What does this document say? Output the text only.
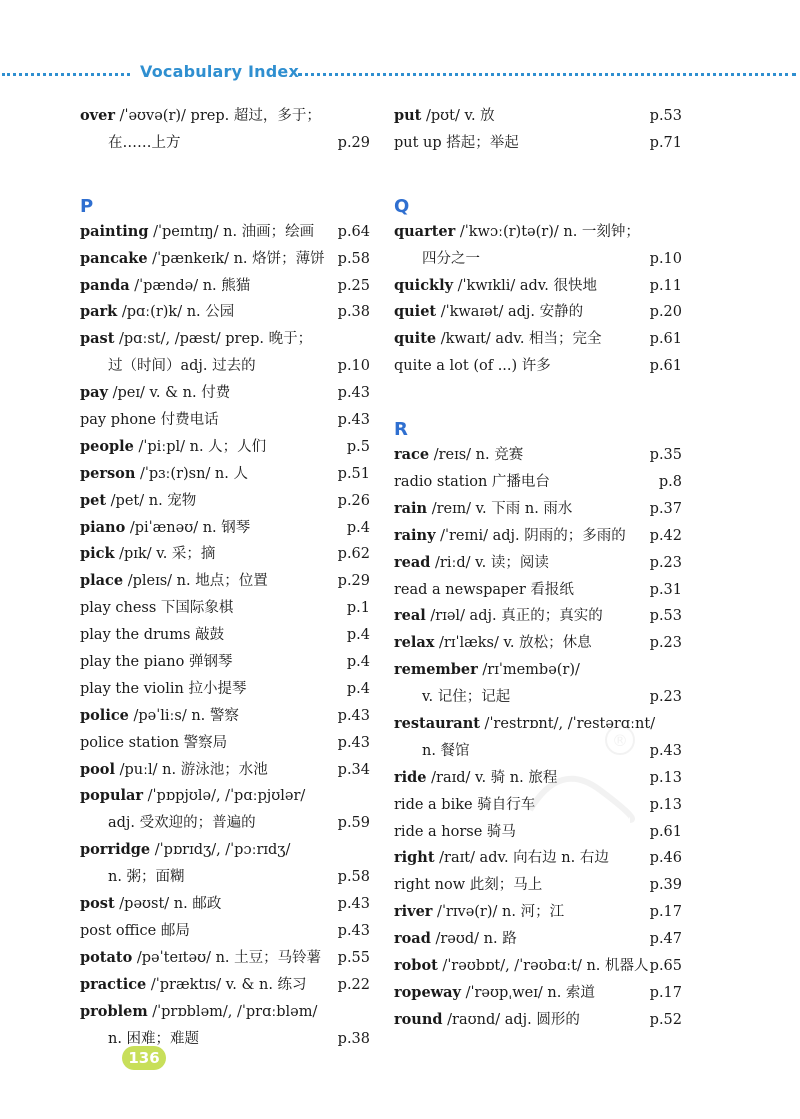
Vocabulary Index
over /ˈəʊvə(r)/ prep. 超过，多于；
在……上方	p.29
P
painting /ˈpeɪntɪŋ/ n. 油画；绘画 p.64
pancake /ˈpænkeɪk/ n. 烙饼；薄饼 p.58
panda /ˈpændə/ n. 熊猫	p.25
park /pɑː(r)k/ n. 公园	p.38
past /pɑːst/, /pæst/ prep. 晚于；
过（时间）adj. 过去的	p.10
pay /peɪ/ v. & n. 付费	p.43
pay phone 付费电话	p.43
people /ˈpiːpl/ n. 人；人们	p.5
person /ˈpɜː(r)sn/ n. 人	p.51
pet /pet/ n. 宠物	p.26
piano /piˈænəʊ/ n. 钢琴	p.4
pick /pɪk/ v. 采；摘	p.62
place /pleɪs/ n. 地点；位置	p.29
play chess 下国际象棋	p.1
play the drums 敲鼓	p.4
play the piano 弹钢琴	p.4
play the violin 拉小提琴	p.4
police /pəˈliːs/ n. 警察	p.43
police station 警察局	p.43
pool /puːl/ n. 游泳池；水池	p.34
popular /ˈpɒpjʊlə/, /ˈpɑːpjʊlər/
adj. 受欢迎的；普遍的	p.59
porridge /ˈpɒrɪdʒ/, /ˈpɔːrɪdʒ/
n. 粥；面糊	p.58
post /pəʊst/ n. 邮政	p.43
post office 邮局	p.43
potato /pəˈteɪtəʊ/ n. 土豆；马铃薯 p.55
practice /ˈpræktɪs/ v. & n. 练习 p.22
problem /ˈprɒbləm/, /ˈprɑːbləm/
n. 困难；难题	p.38
put /pʊt/ v. 放	p.53
put up 搭起；举起	p.71
Q
quarter /ˈkwɔː(r)tə(r)/ n. 一刻钟；
四分之一	p.10
quickly /ˈkwɪkli/ adv. 很快地	p.11
quiet /ˈkwaɪət/ adj. 安静的	p.20
quite /kwaɪt/ adv. 相当；完全	p.61
quite a lot (of ...) 许多	p.61
R
race /reɪs/ n. 竞赛	p.35
radio station 广播电台	p.8
rain /reɪn/ v. 下雨 n. 雨水	p.37
rainy /ˈreɪni/ adj. 阴雨的；多雨的 p.42
read /riːd/ v. 读；阅读	p.23
read a newspaper 看报纸	p.31
real /rɪəl/ adj. 真正的；真实的	p.53
relax /rɪˈlæks/ v. 放松；休息	p.23
remember /rɪˈmembə(r)/
v. 记住；记起	p.23
restaurant /ˈrestrɒnt/, /ˈrestərɑːnt/
n. 餐馆	p.43
ride /raɪd/ v. 骑 n. 旅程	p.13
ride a bike 骑自行车	p.13
ride a horse 骑马	p.61
right /raɪt/ adv. 向右边 n. 右边	p.46
right now 此刻；马上	p.39
river /ˈrɪvə(r)/ n. 河；江	p.17
road /rəʊd/ n. 路	p.47
robot /ˈrəʊbɒt/, /ˈrəʊbɑːt/ n. 机器人 p.65
ropeway /ˈrəʊpˌweɪ/ n. 索道	p.17
round /raʊnd/ adj. 圆形的	p.52
®
136
